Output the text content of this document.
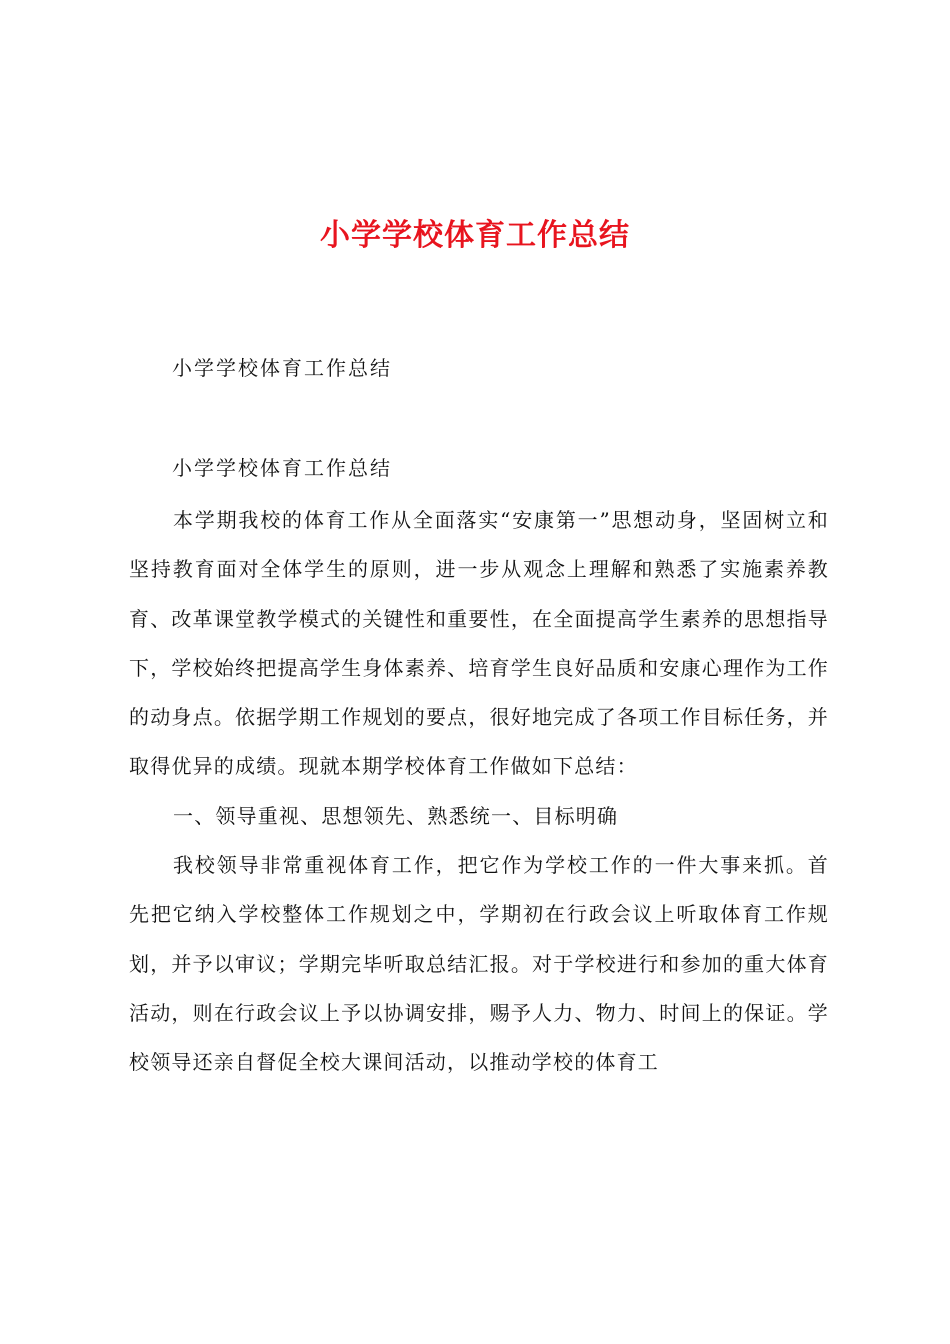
小学学校体育工作总结
小学学校体育工作总结
小学学校体育工作总结

本学期我校的体育工作从全面落实“安康第一”思想动身，坚固树立和坚持教育面对全体学生的原则，进一步从观念上理解和熟悉了实施素养教育、改革课堂教学模式的关键性和重要性，在全面提高学生素养的思想指导下，学校始终把提高学生身体素养、培育学生良好品质和安康心理作为工作的动身点。依据学期工作规划的要点，很好地完成了各项工作目标任务，并取得优异的成绩。现就本期学校体育工作做如下总结：

一、领导重视、思想领先、熟悉统一、目标明确

我校领导非常重视体育工作，把它作为学校工作的一件大事来抓。首先把它纳入学校整体工作规划之中，学期初在行政会议上听取体育工作规划，并予以审议；学期完毕听取总结汇报。对于学校进行和参加的重大体育活动，则在行政会议上予以协调安排，赐予人力、物力、时间上的保证。学校领导还亲自督促全校大课间活动，以推动学校的体育工
